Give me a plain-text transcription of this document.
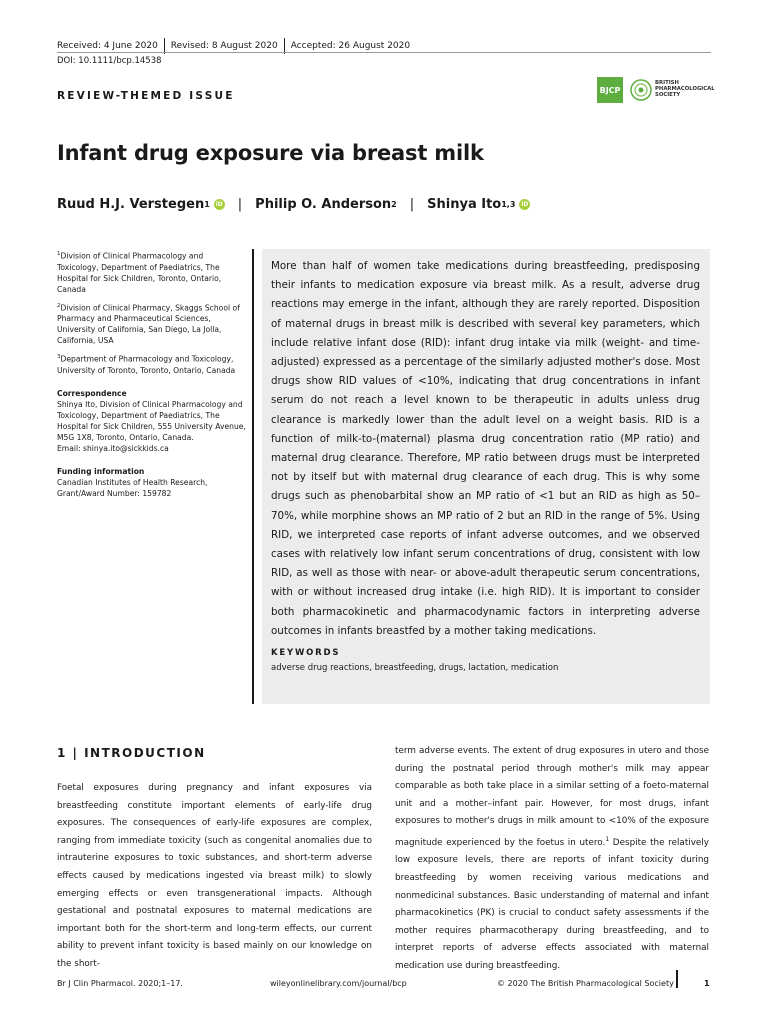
Received: 4 June 2020 Revised: 8 August 2020 Accepted: 26 August 2020
DOI: 10.1111/bcp.14538
REVIEW-THEMED ISSUE	BJCP
BRITISH
PHARMACOLOGICAL
SOCIETY
Infant drug exposure via breast milk
Ruud H.J. Verstegen 1 iD | Philip O. Anderson 2 | Shinya Ito 1,3 iD

$^1$Division of Clinical Pharmacology and Toxicology, Department of Paediatrics, The Hospital for Sick Children, Toronto, Ontario, Canada

$^2$Division of Clinical Pharmacy, Skaggs School of Pharmacy and Pharmaceutical Sciences, University of California, San Diego, La Jolla, California, USA

$^3$Department of Pharmacology and Toxicology, University of Toronto, Toronto, Ontario, Canada

Correspondence

Shinya Ito, Division of Clinical Pharmacology and Toxicology, Department of Paediatrics, The Hospital for Sick Children, 555 University Avenue, M5G 1X8, Toronto, Ontario, Canada.

Email: shinya.ito@sickkids.ca

Funding information

Canadian Institutes of Health Research, Grant/Award Number: 159782

More than half of women take medications during breastfeeding, predisposing their infants to medication exposure via breast milk. As a result, adverse drug reactions may emerge in the infant, although they are rarely reported. Disposition of maternal drugs in breast milk is described with several key parameters, which include relative infant dose (RID): infant drug intake via milk (weight- and time-adjusted) expressed as a percentage of the similarly adjusted mother's dose. Most drugs show RID values of <10%, indicating that drug concentrations in infant serum do not reach a level known to be therapeutic in adults unless drug clearance is markedly lower than the adult level on a weight basis. RID is a function of milk-to-(maternal) plasma drug concentration ratio (MP ratio) and maternal drug clearance. Therefore, MP ratio between drugs must be interpreted not by itself but with maternal drug clearance of each drug. This is why some drugs such as phenobarbital show an MP ratio of <1 but an RID as high as 50–70%, while morphine shows an MP ratio of 2 but an RID in the range of 5%. Using RID, we interpreted case reports of infant adverse outcomes, and we observed cases with relatively low infant serum concentrations of drug, consistent with low RID, as well as those with near- or above-adult therapeutic serum concentrations, with or without increased drug intake (i.e. high RID). It is important to consider both pharmacokinetic and pharmacodynamic factors in interpreting adverse outcomes in infants breastfed by a mother taking medications.

KEYWORDS
adverse drug reactions, breastfeeding, drugs, lactation, medication
1 | INTRODUCTION

Foetal exposures during pregnancy and infant exposures via breastfeeding constitute important elements of early-life drug exposures. The consequences of early-life exposures are complex, ranging from immediate toxicity (such as congenital anomalies due to intrauterine exposures to toxic substances, and short-term adverse effects caused by medications ingested via breast milk) to slowly emerging effects or even transgenerational impacts. Although gestational and postnatal exposures to maternal medications are important both for the short-term and long-term effects, our current ability to prevent infant toxicity is based mainly on our knowledge on the short-

term adverse events. The extent of drug exposures in utero and those during the postnatal period through mother's milk may appear comparable as both take place in a similar setting of a foeto-maternal unit and a mother–infant pair. However, for most drugs, infant exposures to mother's drugs in milk amount to <10% of the exposure magnitude experienced by the foetus in utero.$^1$ Despite the relatively low exposure levels, there are reports of infant toxicity during breastfeeding by women receiving various medications and nonmedicinal substances. Basic understanding of maternal and infant pharmacokinetics (PK) is crucial to conduct safety assessments if the mother requires pharmacotherapy during breastfeeding, and to interpret reports of adverse effects associated with maternal medication use during breastfeeding.

Br J Clin Pharmacol. 2020;1–17.	wileyonlinelibrary.com/journal/bcp	© 2020 The British Pharmacological Society	1
